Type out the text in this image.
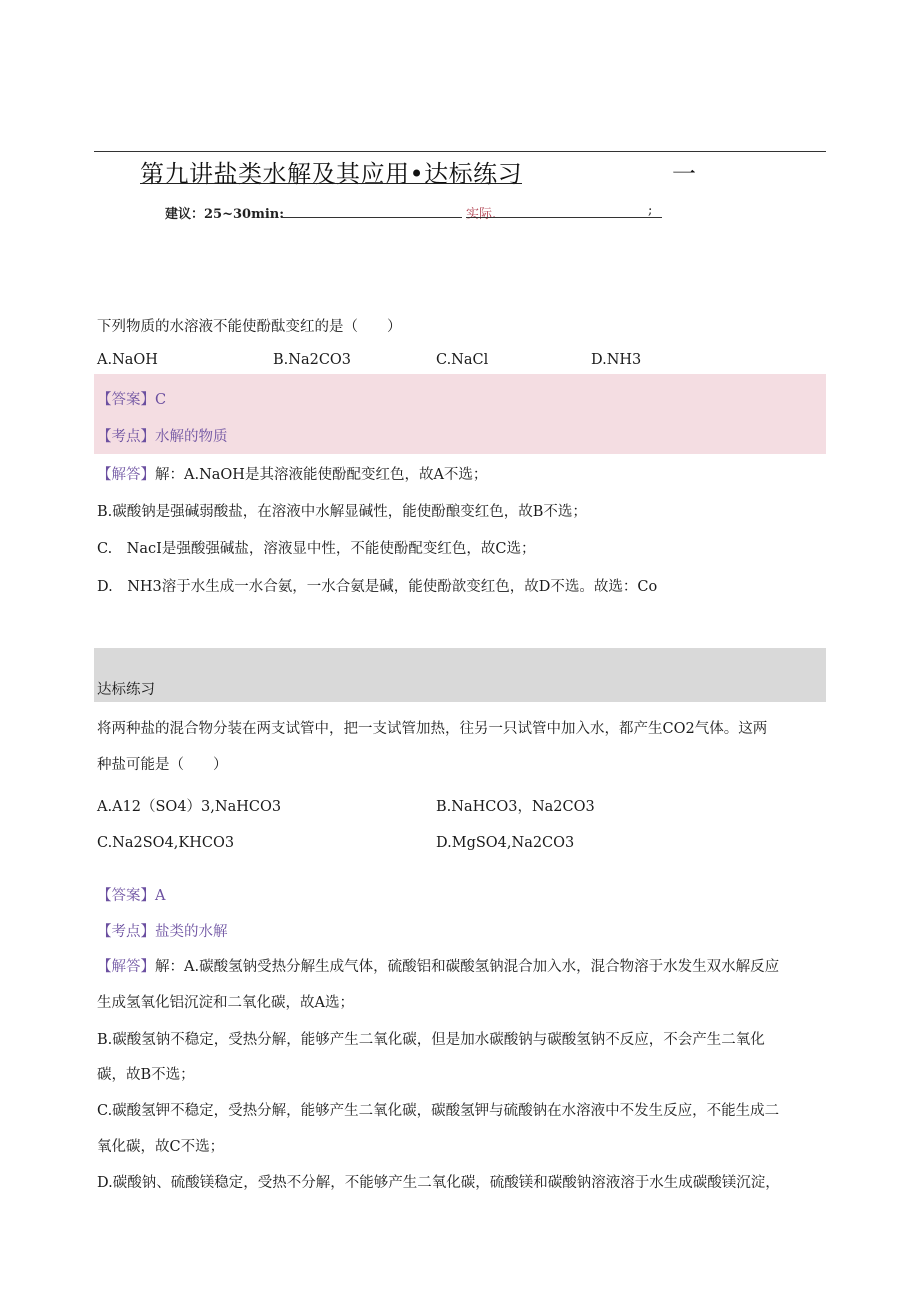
第九讲盐类水解及其应用•达标练习	一
建议：25~30min:	实际.	;
下列物质的水溶液不能使酚酞变红的是（　　）
A.NaOH	B.Na2CO3	C.NaCl	D.NH3
【答案】C
【考点】水解的物质
【解答】解：A.NaOH是其溶液能使酚配变红色，故A不选；
B.碳酸钠是强碱弱酸盐，在溶液中水解显碱性，能使酚酿变红色，故B不选；
C.　NacI是强酸强碱盐，溶液显中性，不能使酚配变红色，故C选；
D.　NH3溶于水生成一水合氨，一水合氨是碱，能使酚歆变红色，故D不选。故选：Co
达标练习
将两种盐的混合物分装在两支试管中，把一支试管加热，往另一只试管中加入水，都产生CO2气体。这两
种盐可能是（　　）
A.A12（SO4）3,NaHCO3	B.NaHCO3，Na2CO3
C.Na2SO4,KHCO3	D.MgSO4,Na2CO3
【答案】A
【考点】盐类的水解
【解答】解：A.碳酸氢钠受热分解生成气体，硫酸铝和碳酸氢钠混合加入水，混合物溶于水发生双水解反应
生成氢氧化铝沉淀和二氧化碳，故A选；
B.碳酸氢钠不稳定，受热分解，能够产生二氧化碳，但是加水碳酸钠与碳酸氢钠不反应，不会产生二氧化
碳，故B不选；
C.碳酸氢钾不稳定，受热分解，能够产生二氧化碳，碳酸氢钾与硫酸钠在水溶液中不发生反应，不能生成二
氧化碳，故C不选；
D.碳酸钠、硫酸镁稳定，受热不分解，不能够产生二氧化碳，硫酸镁和碳酸钠溶液溶于水生成碳酸镁沉淀，
